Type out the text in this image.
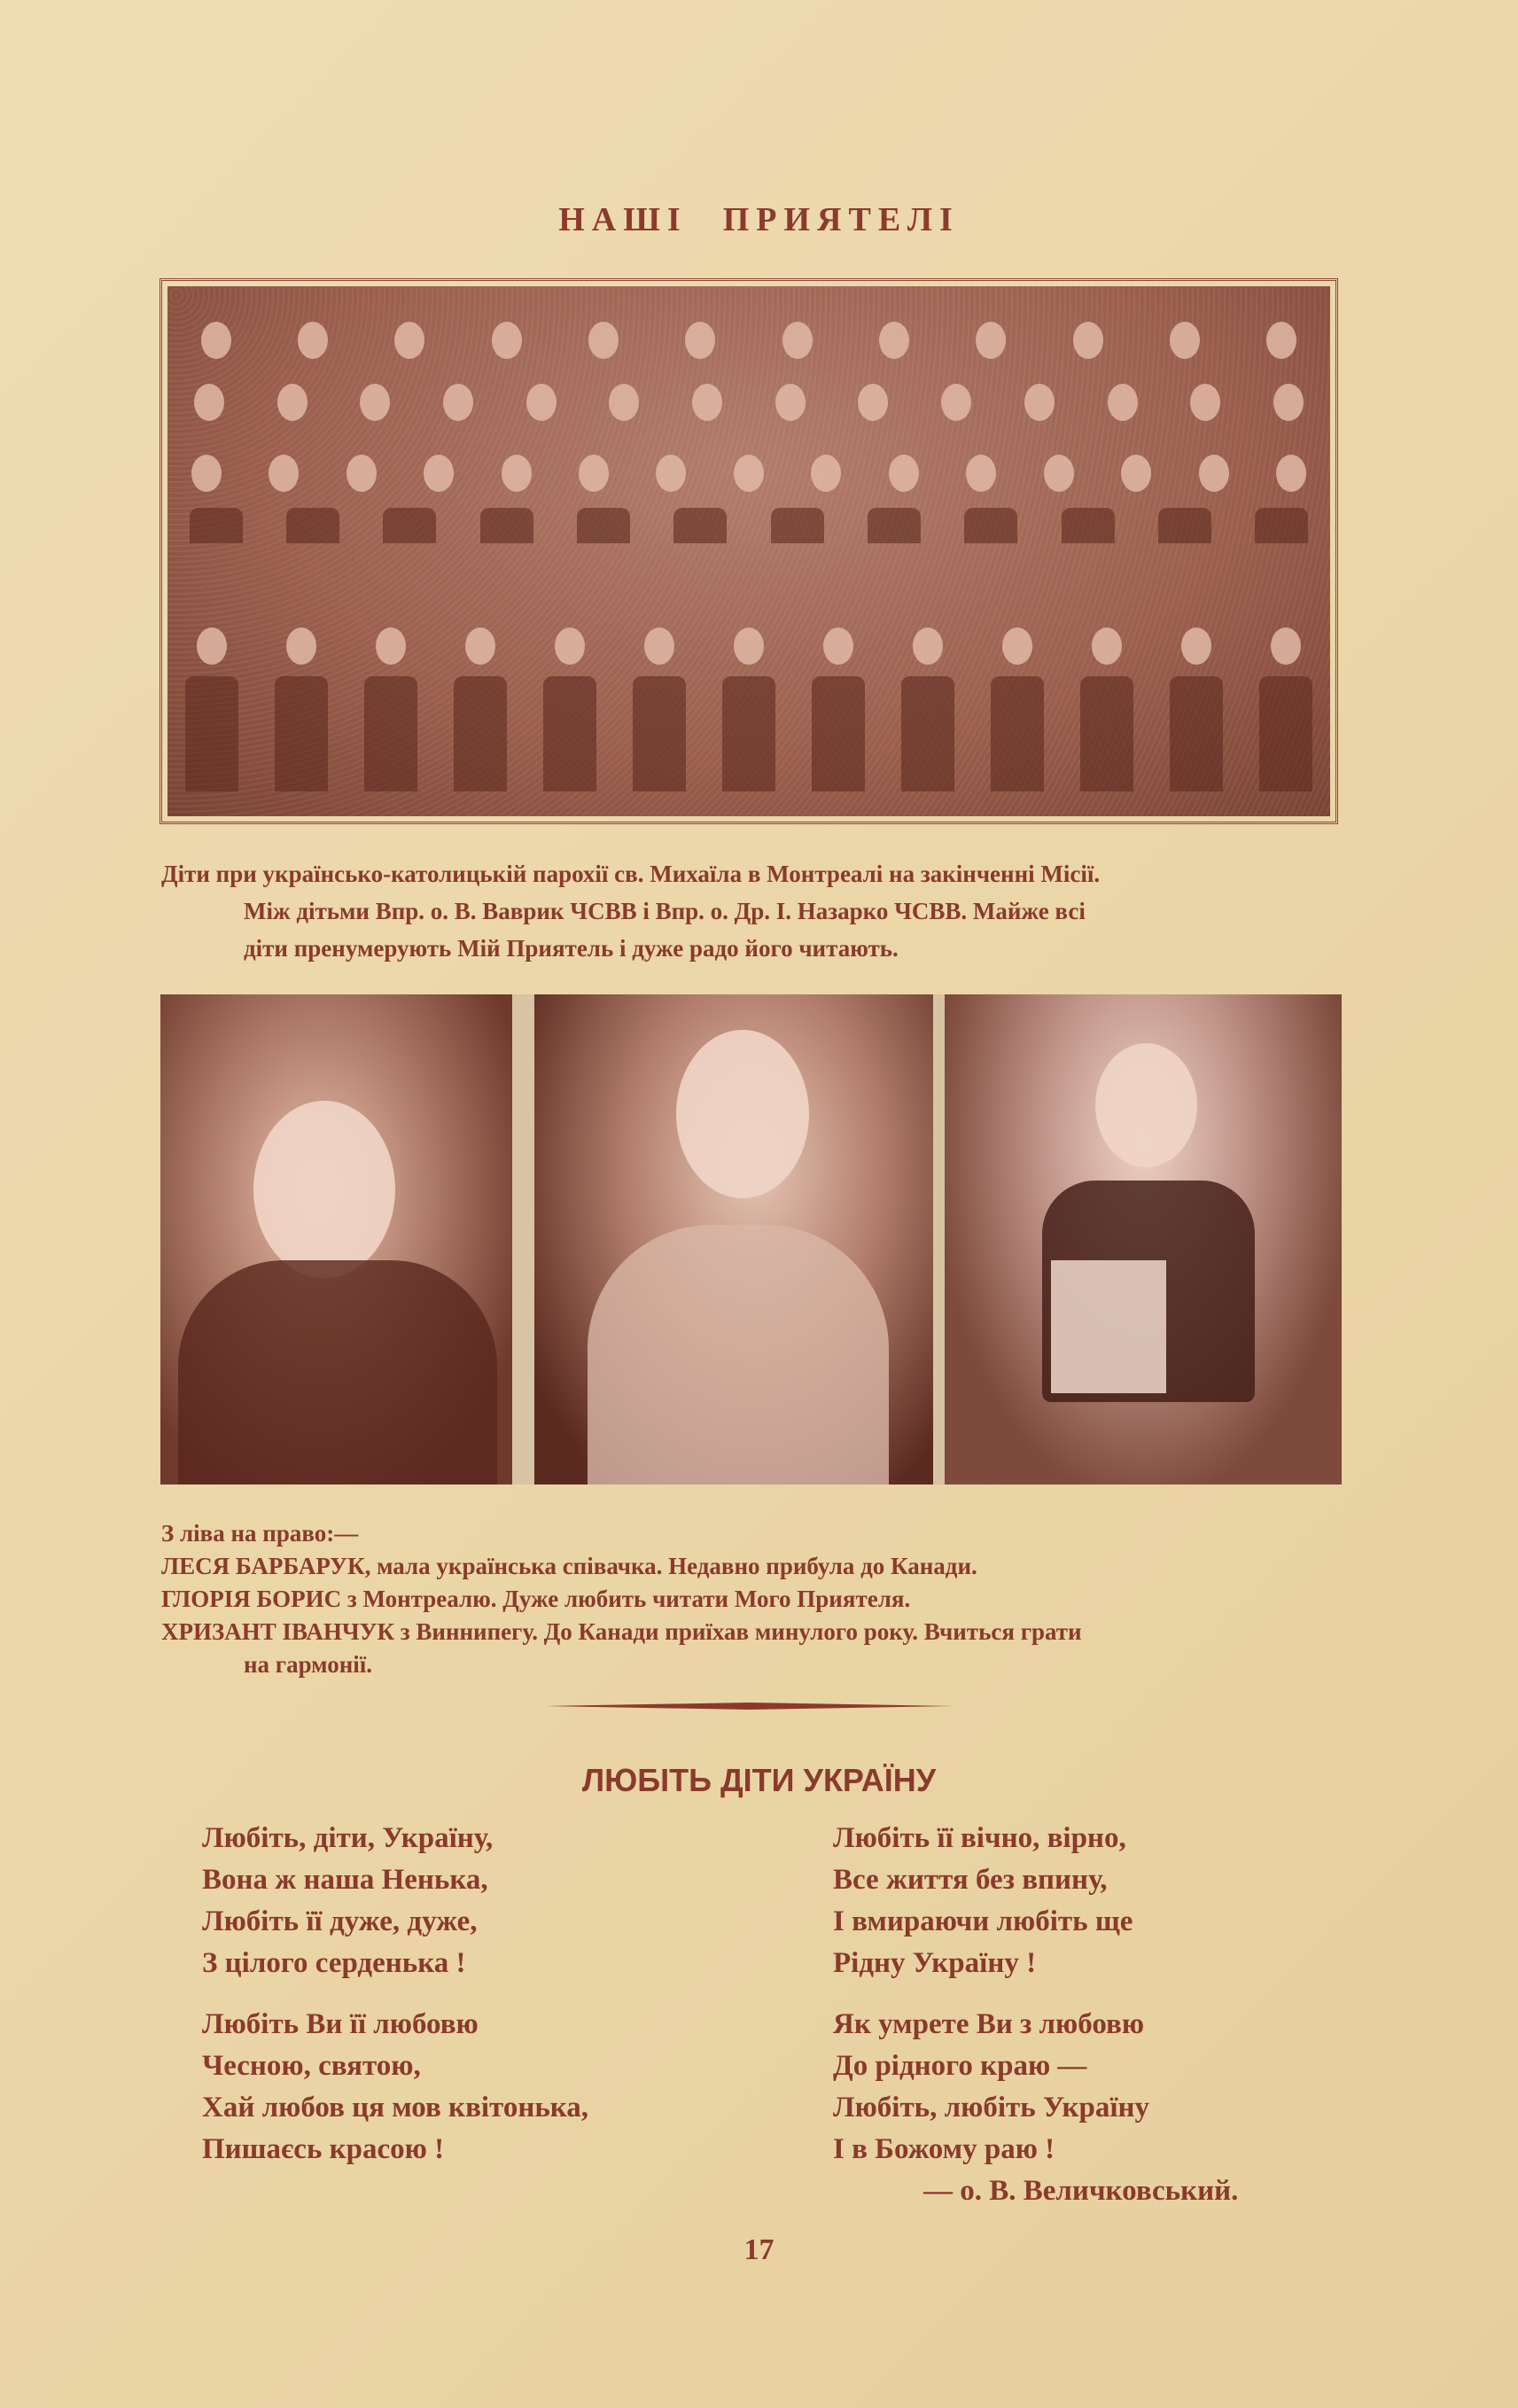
НАШІ ПРИЯТЕЛІ
Діти при українсько-католицькій парохії св. Михаїла в Монтреалі на закінченні Місії.
Між дітьми Впр. о. В. Ваврик ЧСВВ і Впр. о. Др. І. Назарко ЧСВВ. Майже всі
діти пренумерують Мій Приятель і дуже радо його читають.
З ліва на право:—
ЛЕСЯ БАРБАРУК, мала українська співачка. Недавно прибула до Канади.
ГЛОРІЯ БОРИС з Монтреалю. Дуже любить читати Мого Приятеля.
ХРИЗАНТ ІВАНЧУК з Виннипегу. До Канади приїхав минулого року. Вчиться грати
на гармонії.
ЛЮБІТЬ ДІТИ УКРАЇНУ
Любіть, діти, Україну,
Вона ж наша Ненька,
Любіть її дуже, дуже,
З цілого серденька !
Любіть Ви її любовю
Чесною, святою,
Хай любов ця мов квітонька,
Пишаєсь красою !
Любіть її вічно, вірно,
Все життя без впину,
І вмираючи любіть ще
Рідну Україну !
Як умрете Ви з любовю
До рідного краю —
Любіть, любіть Україну
І в Божому раю !
— о. В. Величковський.
17
